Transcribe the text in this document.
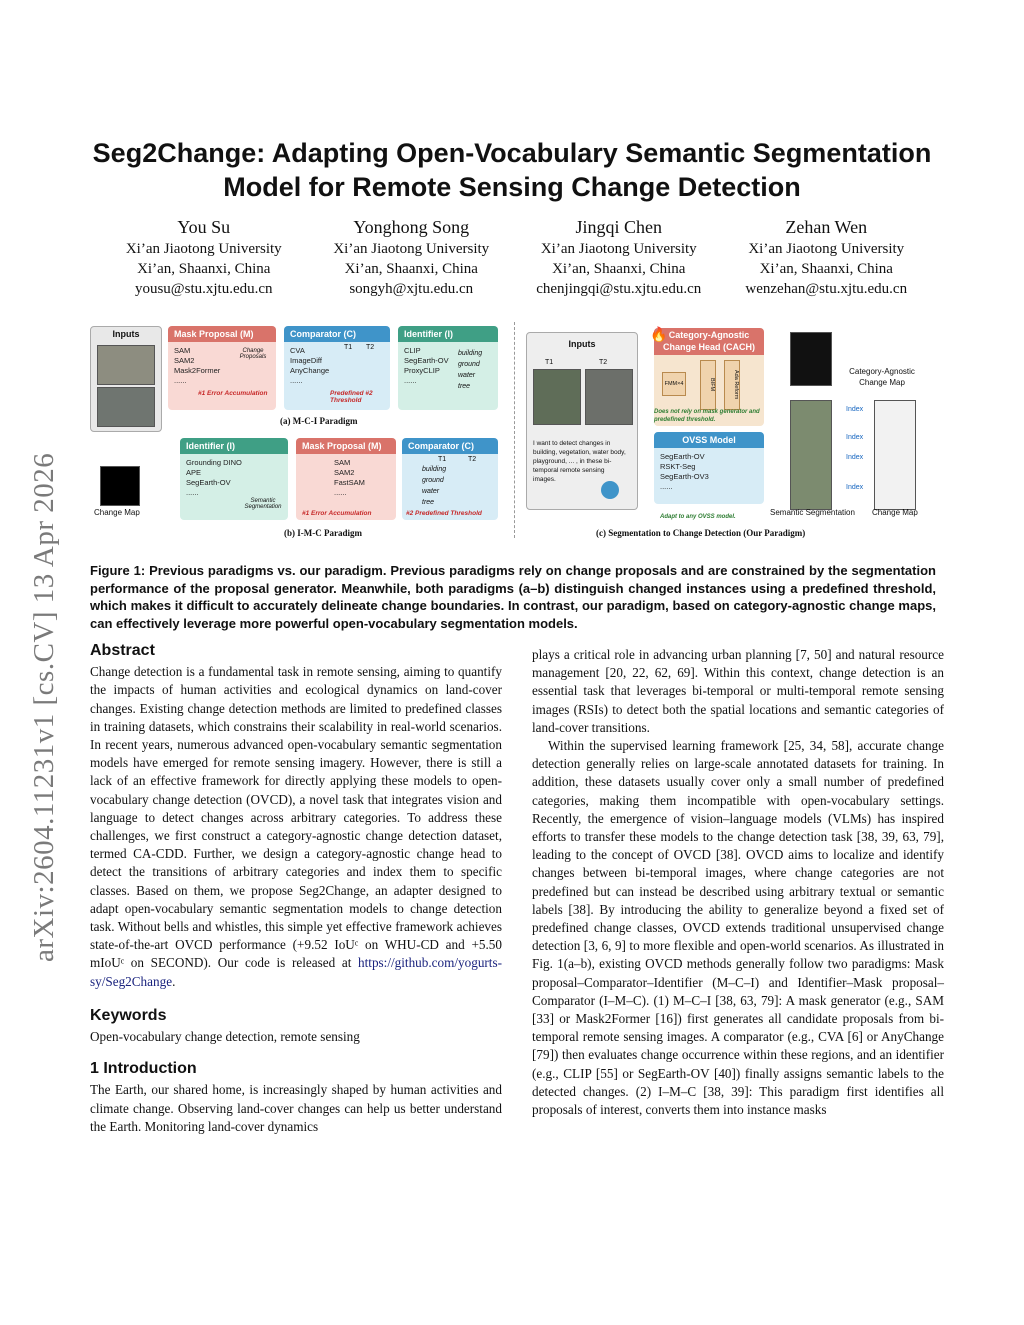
arXiv:2604.11231v1 [cs.CV] 13 Apr 2026
Seg2Change: Adapting Open-Vocabulary Semantic Segmentation Model for Remote Sensing Change Detection
You Su
Xi’an Jiaotong University
Xi’an, Shaanxi, China
yousu@stu.xjtu.edu.cn
Yonghong Song
Xi’an Jiaotong University
Xi’an, Shaanxi, China
songyh@xjtu.edu.cn
Jingqi Chen
Xi’an Jiaotong University
Xi’an, Shaanxi, China
chenjingqi@stu.xjtu.edu.cn
Zehan Wen
Xi’an Jiaotong University
Xi’an, Shaanxi, China
wenzehan@stu.xjtu.edu.cn
Inputs	Mask Proposal (M)
SAM
SAM2
Mask2Former
......
Change Proposals
#1 Error Accumulation
Comparator (C)
CVA
ImageDiff
AnyChange
......
T1 T2
Predefined #2 Threshold
Identifier (I)
CLIP
SegEarth-OV
ProxyCLIP
......
building
ground
water
tree
(a) M-C-I Paradigm
Change Map
Identifier (I)
Grounding DINO
APE
SegEarth-OV
......
Semantic Segmentation
Mask Proposal (M)
SAM
SAM2
FastSAM
......
#1 Error Accumulation
Comparator (C)
T1	T2
building
ground
water
tree
#2 Predefined Threshold
(b) I-M-C Paradigm
Inputs
T1	T2
I want to detect changes in building, vegetation, water body, playground, ... , in these bi-temporal remote sensing images.
Category-Agnostic Change Head (CACH)
🔥
FMM×4	BIFM	Ada Reform
Does not rely on mask generator and predefined threshold.
OVSS Model
SegEarth-OV
RSKT-Seg
SegEarth-OV3
......
Adapt to any OVSS model.
Category-Agnostic Change Map
Index
Index
Index
Index
Semantic Segmentation Change Map
(c) Segmentation to Change Detection (Our Paradigm)

Figure 1: Previous paradigms vs. our paradigm. Previous paradigms rely on change proposals and are constrained by the segmentation performance of the proposal generator. Meanwhile, both paradigms (a–b) distinguish changed instances using a predefined threshold, which makes it difficult to accurately delineate change boundaries. In contrast, our paradigm, based on category-agnostic change maps, can effectively leverage more powerful open-vocabulary segmentation models.

Abstract

Change detection is a fundamental task in remote sensing, aiming to quantify the impacts of human activities and ecological dynamics on land-cover changes. Existing change detection methods are limited to predefined classes in training datasets, which constrains their scalability in real-world scenarios. In recent years, numerous advanced open-vocabulary semantic segmentation models have emerged for remote sensing imagery. However, there is still a lack of an effective framework for directly applying these models to open-vocabulary change detection (OVCD), a novel task that integrates vision and language to detect changes across arbitrary categories. To address these challenges, we first construct a category-agnostic change detection dataset, termed CA-CDD. Further, we design a category-agnostic change head to detect the transitions of arbitrary categories and index them to specific classes. Based on them, we propose Seg2Change, an adapter designed to adapt open-vocabulary semantic segmentation models to change detection task. Without bells and whistles, this simple yet effective framework achieves state-of-the-art OVCD performance (+9.52 IoUᶜ on WHU-CD and +5.50 mIoUᶜ on SECOND). Our code is released at https://github.com/yogurts-sy/Seg2Change.

Keywords

Open-vocabulary change detection, remote sensing

1 Introduction

The Earth, our shared home, is increasingly shaped by human activities and climate change. Observing land-cover changes can help us better understand the Earth. Monitoring land-cover dynamics

plays a critical role in advancing urban planning [7, 50] and natural resource management [20, 22, 62, 69]. Within this context, change detection is an essential task that leverages bi-temporal or multi-temporal remote sensing images (RSIs) to detect both the spatial locations and semantic categories of land-cover transitions.

Within the supervised learning framework [25, 34, 58], accurate change detection generally relies on large-scale annotated datasets for training. In addition, these datasets usually cover only a small number of predefined categories, making them incompatible with open-vocabulary settings. Recently, the emergence of vision–language models (VLMs) has inspired efforts to transfer these models to the change detection task [38, 39, 63, 79], leading to the concept of OVCD [38]. OVCD aims to localize and identify changes between bi-temporal images, where change categories are not predefined but can instead be described using arbitrary textual or semantic labels [38]. By introducing the ability to generalize beyond a fixed set of predefined change classes, OVCD extends traditional unsupervised change detection [3, 6, 9] to more flexible and open-world scenarios. As illustrated in Fig. 1(a–b), existing OVCD methods generally follow two paradigms: Mask proposal–Comparator–Identifier (M–C–I) and Identifier–Mask proposal–Comparator (I–M–C). (1) M–C–I [38, 63, 79]: A mask generator (e.g., SAM [33] or Mask2Former [16]) first generates all candidate proposals from bi-temporal remote sensing images. A comparator (e.g., CVA [6] or AnyChange [79]) then evaluates change occurrence within these regions, and an identifier (e.g., CLIP [55] or SegEarth-OV [40]) finally assigns semantic labels to the detected changes. (2) I–M–C [38, 39]: This paradigm first identifies all proposals of interest, converts them into instance masks
